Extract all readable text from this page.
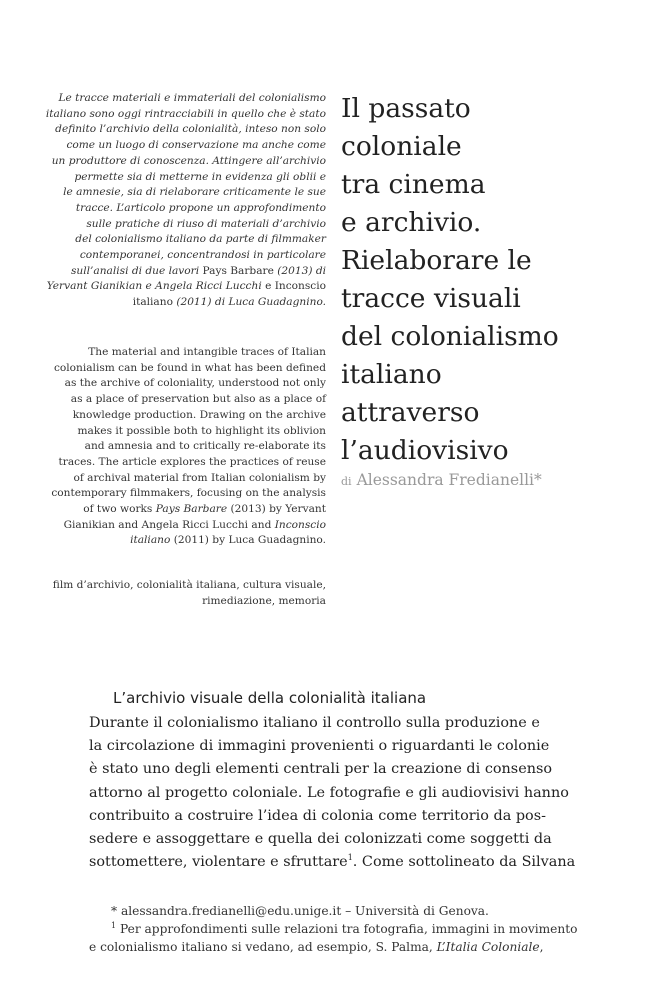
Le tracce materiali e immateriali del colonialismo
italiano sono oggi rintracciabili in quello che è stato
definito l’archivio della colonialità, inteso non solo
come un luogo di conservazione ma anche come
un produttore di conoscenza. Attingere all’archivio
permette sia di metterne in evidenza gli oblii e
le amnesie, sia di rielaborare criticamente le sue
tracce. L’articolo propone un approfondimento
sulle pratiche di riuso di materiali d’archivio
del colonialismo italiano da parte di filmmaker
contemporanei, concentrandosi in particolare
sull’analisi di due lavori Pays Barbare (2013) di
Yervant Gianikian e Angela Ricci Lucchi e Inconscio
italiano (2011) di Luca Guadagnino.
The material and intangible traces of Italian
colonialism can be found in what has been defined
as the archive of coloniality, understood not only
as a place of preservation but also as a place of
knowledge production. Drawing on the archive
makes it possible both to highlight its oblivion
and amnesia and to critically re-elaborate its
traces. The article explores the practices of reuse
of archival material from Italian colonialism by
contemporary filmmakers, focusing on the analysis
of two works Pays Barbare (2013) by Yervant
Gianikian and Angela Ricci Lucchi and Inconscio
italiano (2011) by Luca Guadagnino.
film d’archivio, colonialità italiana, cultura visuale,
rimediazione, memoria
Il passato
coloniale
tra cinema
e archivio.
Rielaborare le
tracce visuali
del colonialismo
italiano
attraverso
l’audiovisivo
di Alessandra Fredianelli*
L’archivio visuale della colonialità italiana
Durante il colonialismo italiano il controllo sulla produzione e
la circolazione di immagini provenienti o riguardanti le colonie
è stato uno degli elementi centrali per la creazione di consenso
attorno al progetto coloniale. Le fotografie e gli audiovisivi hanno
contribuito a costruire l’idea di colonia come territorio da pos-
sedere e assoggettare e quella dei colonizzati come soggetti da
sottomettere, violentare e sfruttare$^1$. Come sottolineato da Silvana
* alessandra.fredianelli@edu.unige.it – Università di Genova.
$^1$ Per approfondimenti sulle relazioni tra fotografia, immagini in movimento
e colonialismo italiano si vedano, ad esempio, S. Palma, L’Italia Coloniale,
